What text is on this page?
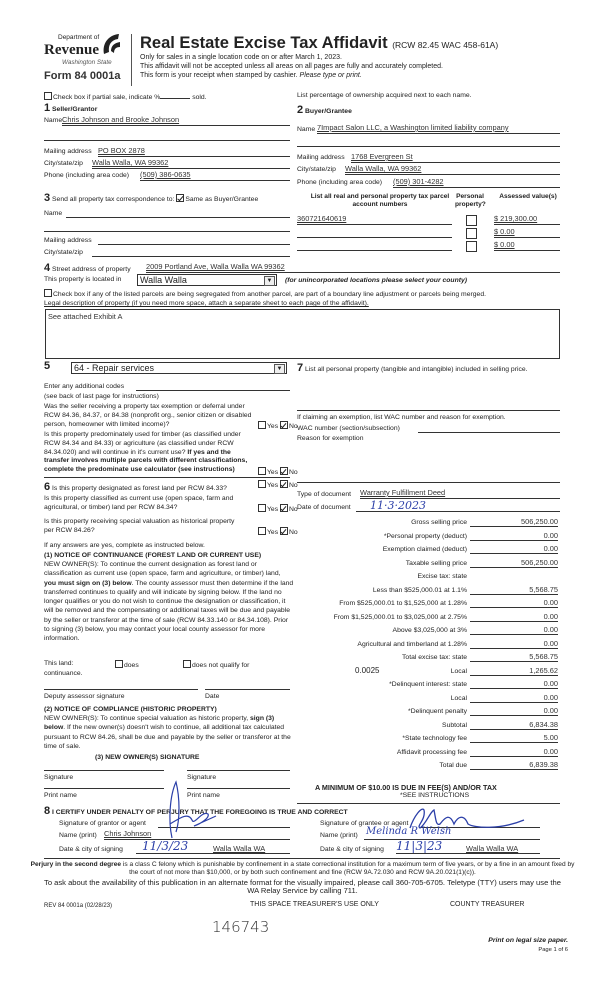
Department of
Revenue
Washington State
Form 84 0001a
Real Estate Excise Tax Affidavit (RCW 82.45 WAC 458-61A)
Only for sales in a single location code on or after March 1, 2023.
This affidavit will not be accepted unless all areas on all pages are fully and accurately completed.
This form is your receipt when stamped by cashier. Please type or print.
Check box if partial sale, indicate %	sold.	List percentage of ownership acquired next to each name.
1 Seller/Grantor
Name Chris Johnson and Brooke Johnson
Mailing address PO BOX 2878
City/state/zip Walla Walla, WA 99362
Phone (including area code) (509) 386-0635
2 Buyer/Grantee
Name 7Impact Salon LLC, a Washington limited liability company
Mailing address 1768 Evergreen St
City/state/zip Walla Walla, WA 99362
Phone (including area code) (509) 301-4282
3 Send all property tax correspondence to: Same as Buyer/Grantee
Name
Mailing address
City/state/zip
List all real and personal property tax parcel account numbers
Personal property?
Assessed value(s)
360721640619	$ 219,300.00
$ 0.00
$ 0.00
4 Street address of property 2009 Portland Ave, Walla Walla WA 99362
This property is located in	Walla Walla	▼	(for unincorporated locations please select your county)
Check box if any of the listed parcels are being segregated from another parcel, are part of a boundary line adjustment or parcels being merged.
Legal description of property (if you need more space, attach a separate sheet to each page of the affidavit).
See attached Exhibit A
5	64 - Repair services	▼
Enter any additional codes
(see back of last page for instructions)
Was the seller receiving a property tax exemption or deferral under RCW 84.36, 84.37, or 84.38 (nonprofit org., senior citizen or disabled person, homeowner with limited income)?	Yes No
Is this property predominately used for timber (as classified under RCW 84.34 and 84.33) or agriculture (as classified under RCW 84.34.020) and will continue in it's current use? If yes and the transfer involves multiple parcels with different classifications, complete the predominate use calculator (see instructions)	Yes No
6 Is this property designated as forest land per RCW 84.33?	Yes No
Is this property classified as current use (open space, farm and agricultural, or timber) land per RCW 84.34?	Yes No
Is this property receiving special valuation as historical property per RCW 84.26?	Yes No
If any answers are yes, complete as instructed below.
(1) NOTICE OF CONTINUANCE (FOREST LAND OR CURRENT USE)
NEW OWNER(S): To continue the current designation as forest land or classification as current use (open space, farm and agriculture, or timber) land, you must sign on (3) below. The county assessor must then determine if the land transferred continues to qualify and will indicate by signing below. If the land no longer qualifies or you do not wish to continue the designation or classification, it will be removed and the compensating or additional taxes will be due and payable by the seller or transferor at the time of sale (RCW 84.33.140 or 84.34.108). Prior to signing (3) below, you may contact your local county assessor for more information.
This land:	does	does not qualify for
continuance.
Deputy assessor signature	Date
(2) NOTICE OF COMPLIANCE (HISTORIC PROPERTY)
NEW OWNER(S): To continue special valuation as historic property, sign (3) below. If the new owner(s) doesn't wish to continue, all additional tax calculated pursuant to RCW 84.26, shall be due and payable by the seller or transferor at the time of sale.
(3) NEW OWNER(S) SIGNATURE
Signature	Signature
Print name	Print name
7 List all personal property (tangible and intangible) included in selling price.
If claiming an exemption, list WAC number and reason for exemption.
WAC number (section/subsection)
Reason for exemption
Type of document Warranty Fulfillment Deed
Date of document 11·3·2023
Gross selling price	506,250.00
*Personal property (deduct)	0.00
Exemption claimed (deduct)	0.00
Taxable selling price	506,250.00
Excise tax: state
Less than $525,000.01 at 1.1%	5,568.75
From $525,000.01 to $1,525,000 at 1.28%	0.00
From $1,525,000.01 to $3,025,000 at 2.75%	0.00
Above $3,025,000 at 3%	0.00
Agricultural and timberland at 1.28%	0.00
Total excise tax: state	5,568.75
Local	1,265.62
0.0025
*Delinquent interest: state	0.00
Local	0.00
*Delinquent penalty	0.00
Subtotal	6,834.38
*State technology fee	5.00
Affidavit processing fee	0.00
Total due	6,839.38
A MINIMUM OF $10.00 IS DUE IN FEE(S) AND/OR TAX
*SEE INSTRUCTIONS
8 I CERTIFY UNDER PENALTY OF PERJURY THAT THE FOREGOING IS TRUE AND CORRECT
Signature of grantor or agent
Name (print) Chris Johnson
Date & city of signing 11/3/23	Walla Walla WA
Signature of grantee or agent
Name (print) Melinda R Welsh
Date & city of signing 11|3|23	Walla Walla WA
Perjury in the second degree is a class C felony which is punishable by confinement in a state correctional institution for a maximum term of five years, or by a fine in an amount fixed by the court of not more than $10,000, or by both such confinement and fine (RCW 9A.72.030 and RCW 9A.20.021(1)(c)).
To ask about the availability of this publication in an alternate format for the visually impaired, please call 360-705-6705. Teletype (TTY) users may use the WA Relay Service by calling 711.
REV 84 0001a (02/28/23)	THIS SPACE TREASURER'S USE ONLY	COUNTY TREASURER
146743
Print on legal size paper.
Page 1 of 6
